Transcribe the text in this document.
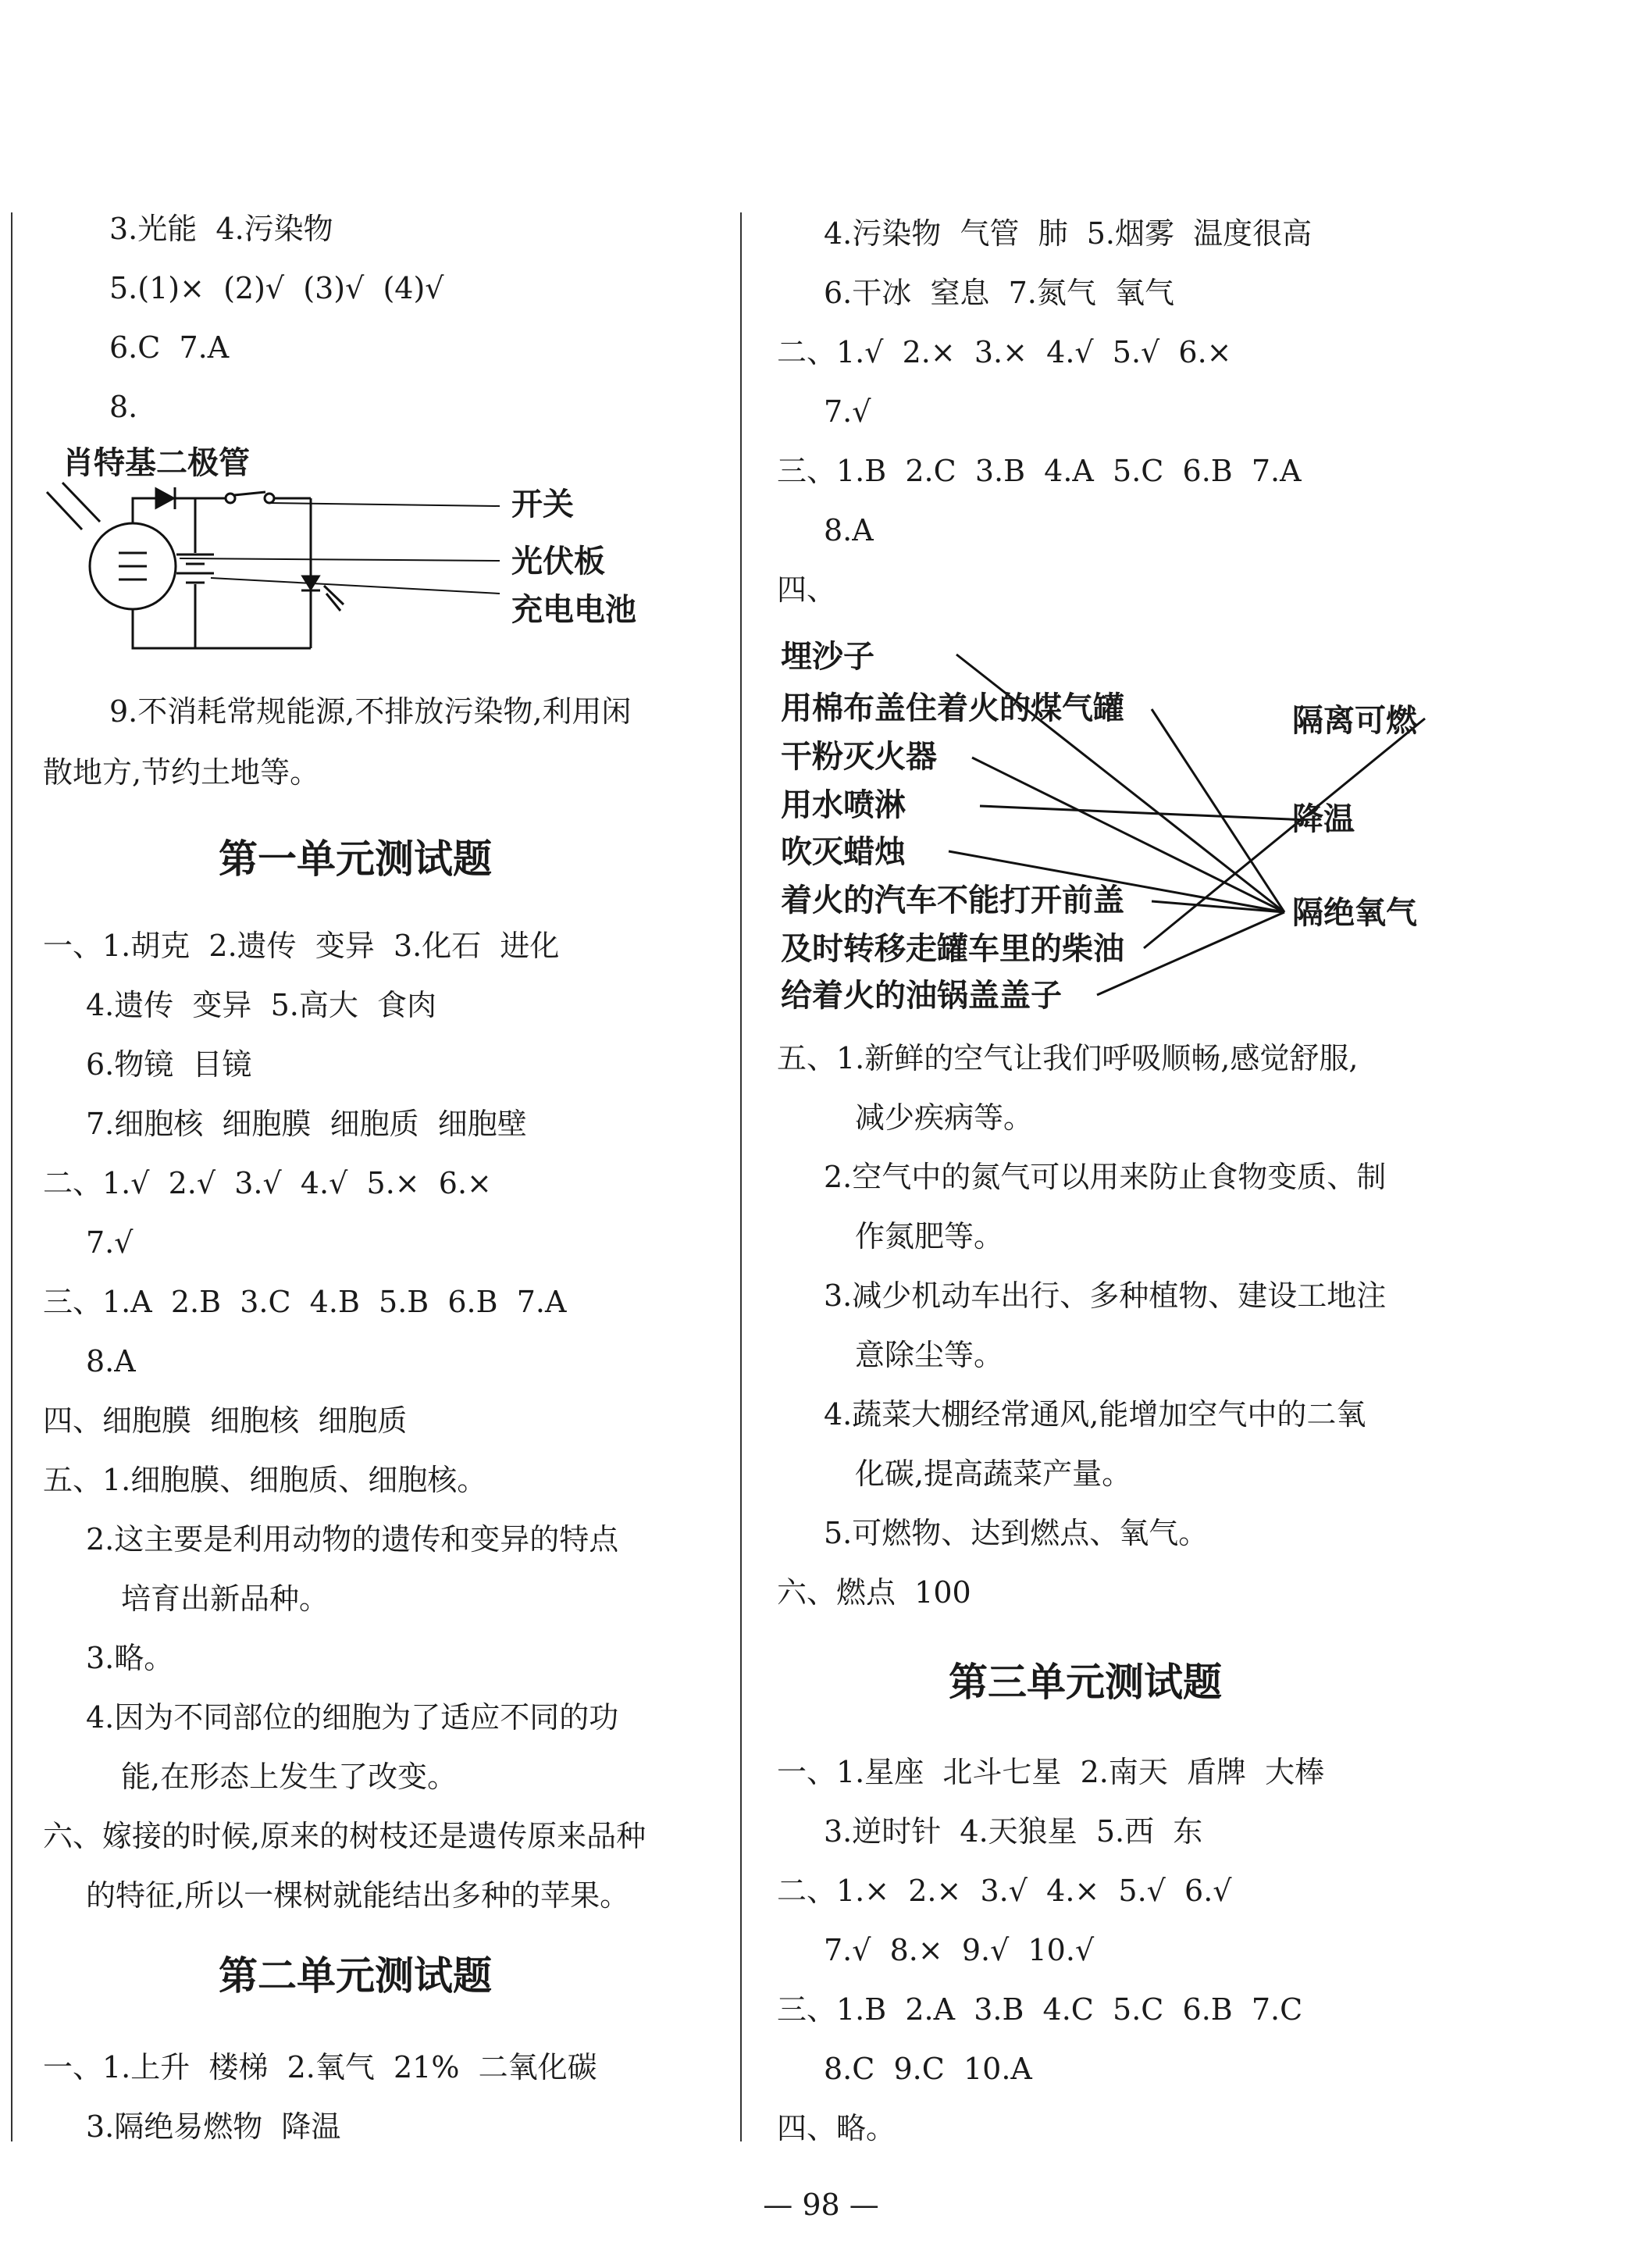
3.光能  4.污染物
5.(1)×  (2)√  (3)√  (4)√
6.C  7.A
8.
肖特基二极管
开关
光伏板
充电电池
9.不消耗常规能源,不排放污染物,利用闲
散地方,节约土地等。
第一单元测试题
一、1.胡克  2.遗传  变异  3.化石  进化
4.遗传  变异  5.高大  食肉
6.物镜  目镜
7.细胞核  细胞膜  细胞质  细胞壁
二、1.√  2.√  3.√  4.√  5.×  6.×
7.√
三、1.A  2.B  3.C  4.B  5.B  6.B  7.A
8.A
四、细胞膜  细胞核  细胞质
五、1.细胞膜、细胞质、细胞核。
2.这主要是利用动物的遗传和变异的特点
培育出新品种。
3.略。
4.因为不同部位的细胞为了适应不同的功
能,在形态上发生了改变。
六、嫁接的时候,原来的树枝还是遗传原来品种
的特征,所以一棵树就能结出多种的苹果。
第二单元测试题
一、1.上升  楼梯  2.氧气  21%  二氧化碳
3.隔绝易燃物  降温
4.污染物  气管  肺  5.烟雾  温度很高
6.干冰  窒息  7.氮气  氧气
二、1.√  2.×  3.×  4.√  5.√  6.×
7.√
三、1.B  2.C  3.B  4.A  5.C  6.B  7.A
8.A
四、
埋沙子
用棉布盖住着火的煤气罐
干粉灭火器
用水喷淋
吹灭蜡烛
着火的汽车不能打开前盖
及时转移走罐车里的柴油
给着火的油锅盖盖子
隔离可燃
降温
隔绝氧气
五、1.新鲜的空气让我们呼吸顺畅,感觉舒服,
减少疾病等。
2.空气中的氮气可以用来防止食物变质、制
作氮肥等。
3.减少机动车出行、多种植物、建设工地注
意除尘等。
4.蔬菜大棚经常通风,能增加空气中的二氧
化碳,提高蔬菜产量。
5.可燃物、达到燃点、氧气。
六、燃点  100
第三单元测试题
一、1.星座  北斗七星  2.南天  盾牌  大棒
3.逆时针  4.天狼星  5.西  东
二、1.×  2.×  3.√  4.×  5.√  6.√
7.√  8.×  9.√  10.√
三、1.B  2.A  3.B  4.C  5.C  6.B  7.C
8.C  9.C  10.A
四、略。
— 98 —
